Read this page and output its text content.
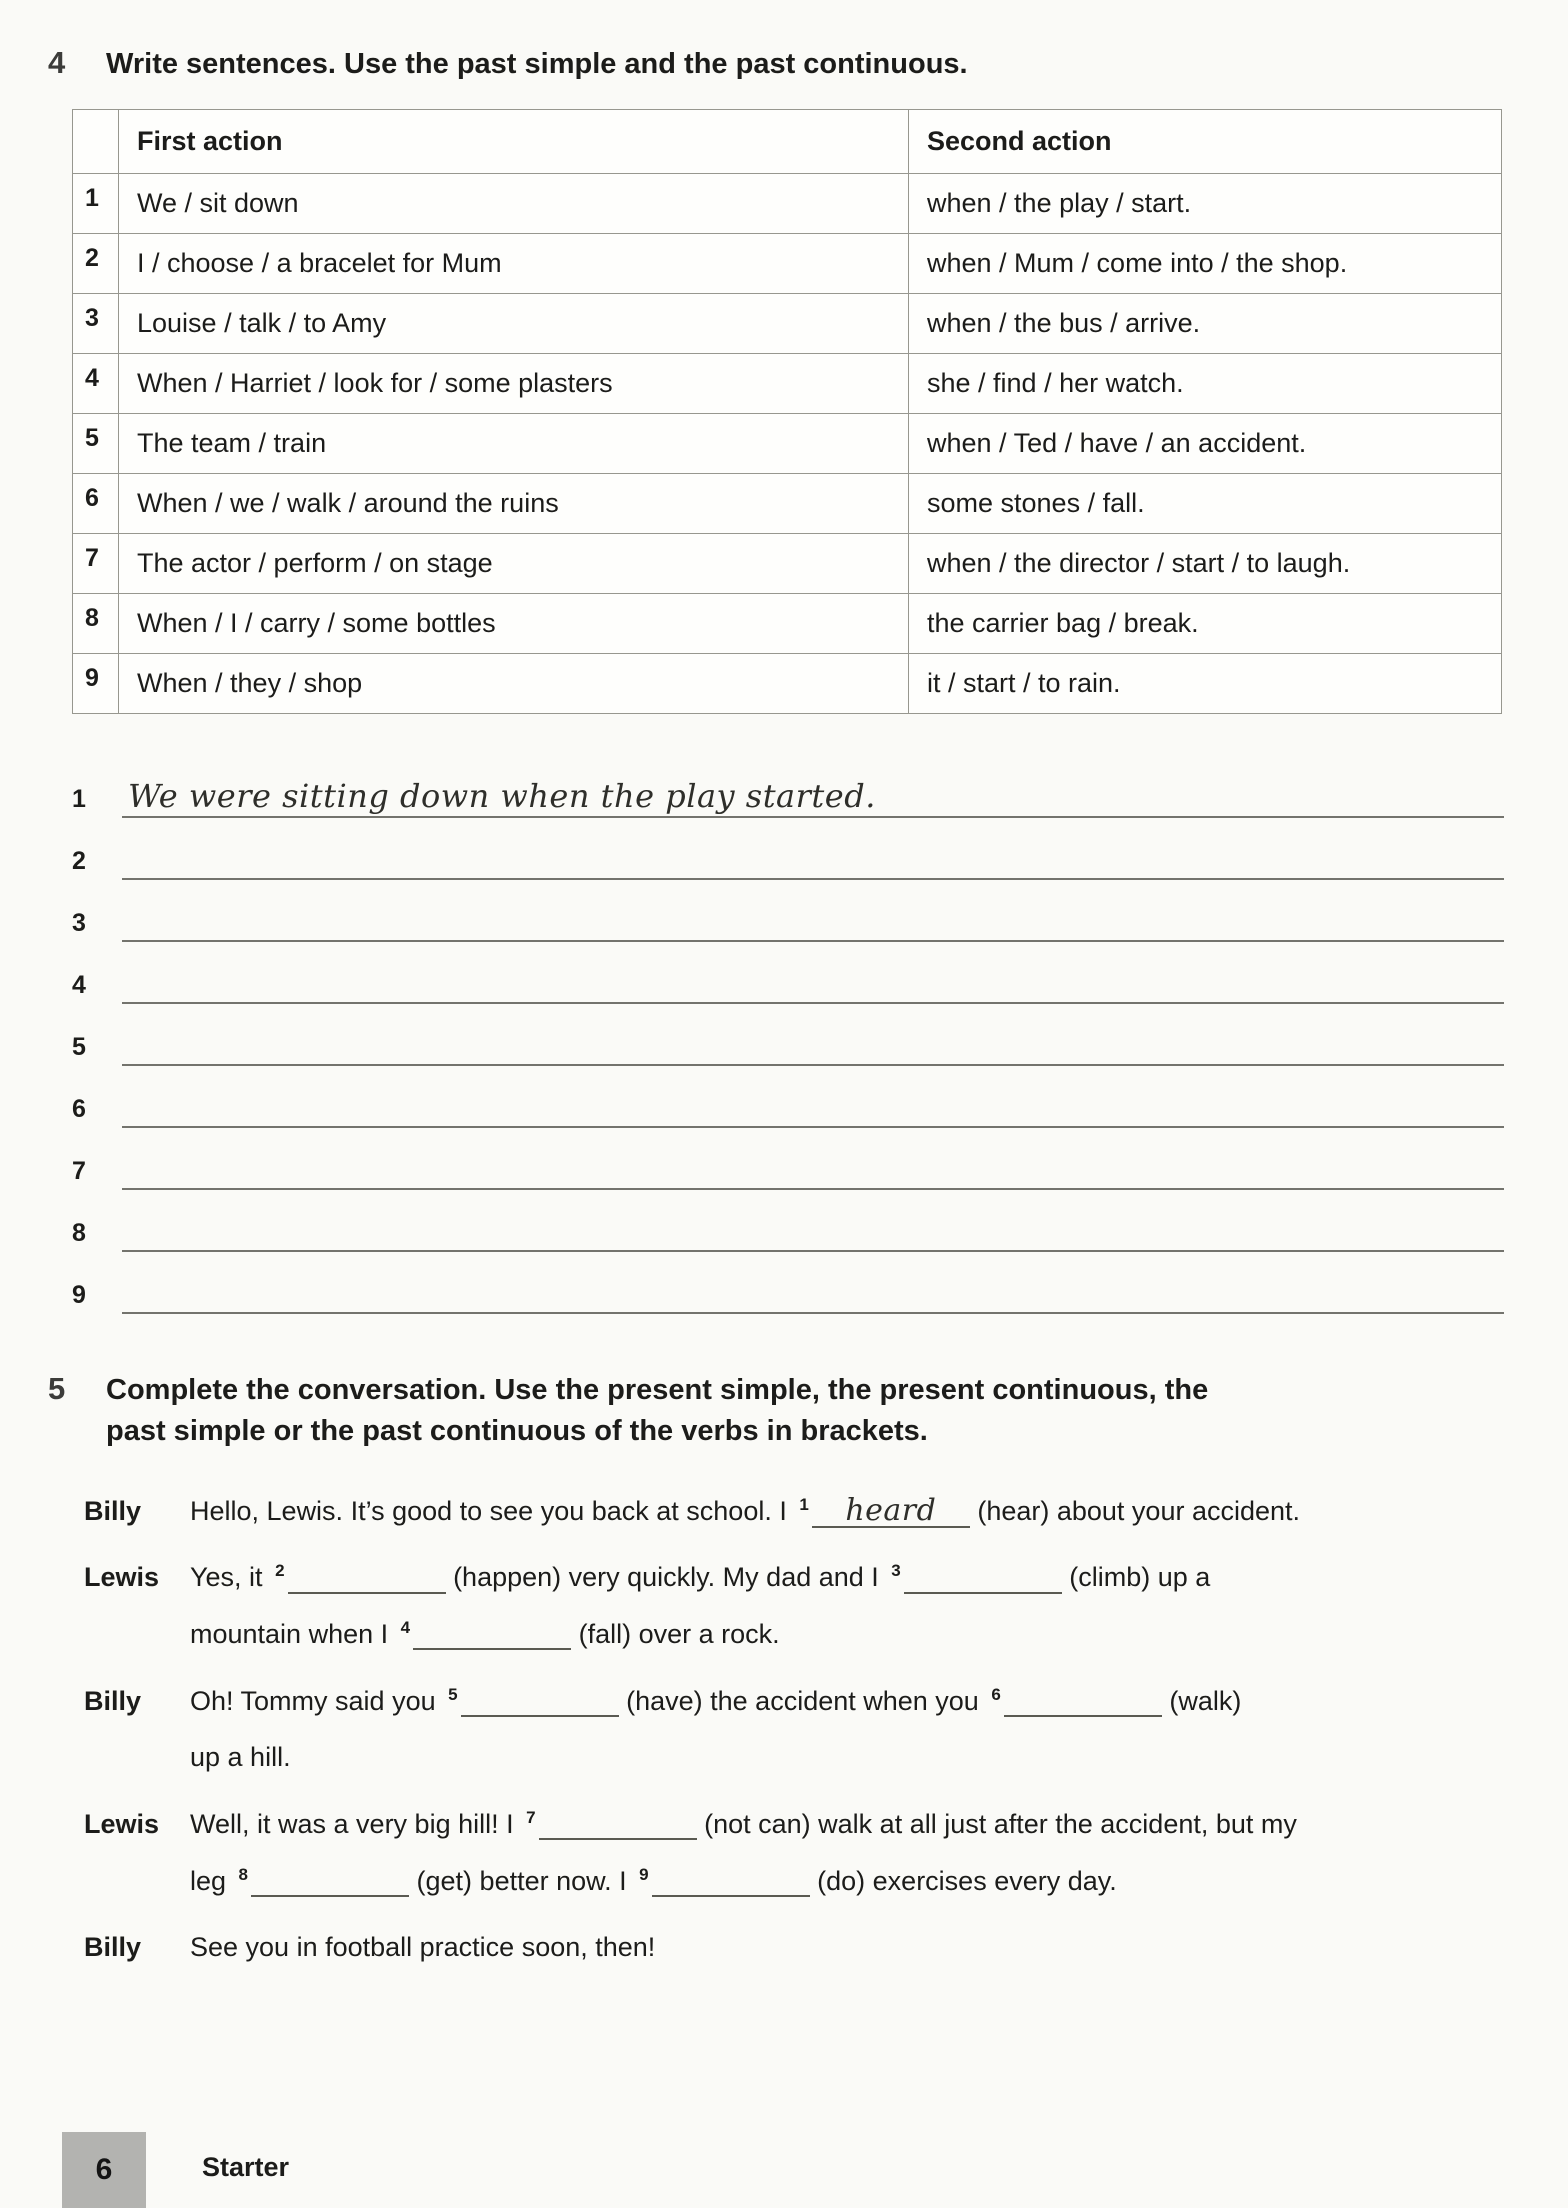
4	Write sentences. Use the past simple and the past continuous.
	First action	Second action
1	We / sit down	when / the play / start.
2	I / choose / a bracelet for Mum	when / Mum / come into / the shop.
3	Louise / talk / to Amy	when / the bus / arrive.
4	When / Harriet / look for / some plasters	she / find / her watch.
5	The team / train	when / Ted / have / an accident.
6	When / we / walk / around the ruins	some stones / fall.
7	The actor / perform / on stage	when / the director / start / to laugh.
8	When / I / carry / some bottles	the carrier bag / break.
9	When / they / shop	it / start / to rain.
1	We were sitting down when the play started.
2
3
4
5
6
7
8
9
5	Complete the conversation. Use the present simple, the present continuous, the past simple or the past continuous of the verbs in brackets.
Billy	Hello, Lewis. It’s good to see you back at school. I $^1$ heard (hear) about your accident.
Lewis	Yes, it $^2$	(happen) very quickly. My dad and I $^3$	(climb) up a
mountain when I $^4$	(fall) over a rock.
Billy	Oh! Tommy said you $^5$	(have) the accident when you $^6$	(walk)
up a hill.
Lewis	Well, it was a very big hill! I $^7$	(not can) walk at all just after the accident, but my
leg $^8$	(get) better now. I $^9$	(do) exercises every day.
Billy	See you in football practice soon, then!
6	Starter
